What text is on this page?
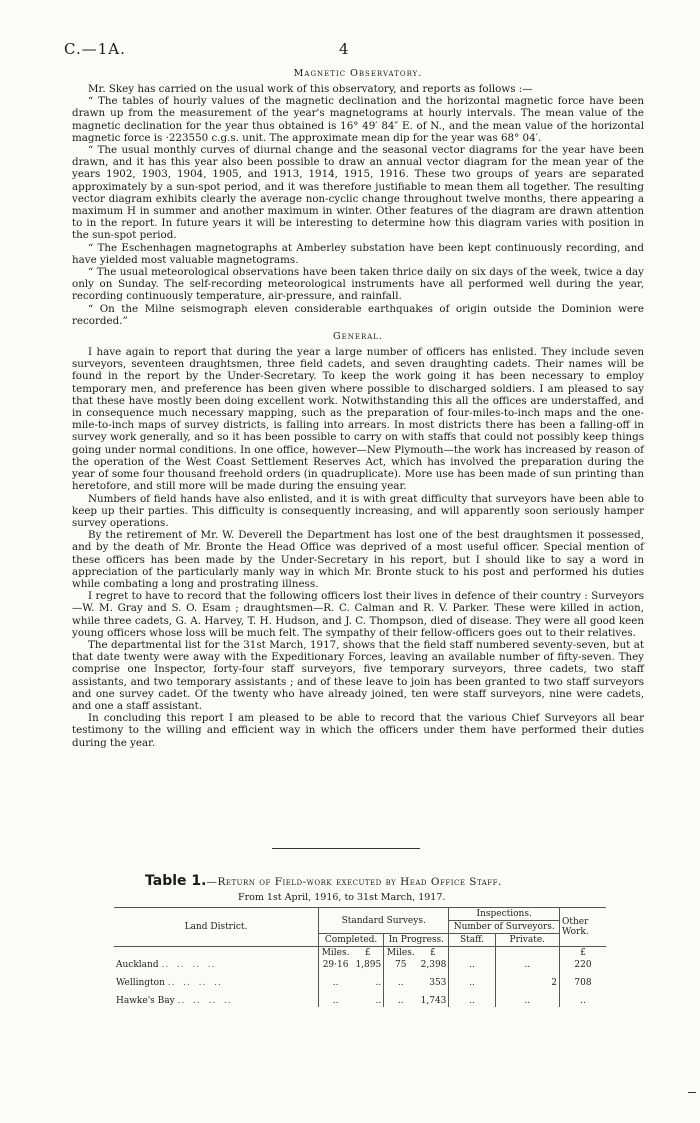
C.—1A.	4

Magnetic Observatory.

Mr. Skey has carried on the usual work of this observatory, and reports as follows :—

“ The tables of hourly values of the magnetic declination and the horizontal magnetic force have been drawn up from the measurement of the year's magnetograms at hourly intervals. The mean value of the magnetic declination for the year thus obtained is 16° 49′ 84″ E. of N., and the mean value of the horizontal magnetic force is ·223550 c.g.s. unit. The approximate mean dip for the year was 68° 04′.

“ The usual monthly curves of diurnal change and the seasonal vector diagrams for the year have been drawn, and it has this year also been possible to draw an annual vector diagram for the mean year of the years 1902, 1903, 1904, 1905, and 1913, 1914, 1915, 1916. These two groups of years are separated approximately by a sun-spot period, and it was therefore justifiable to mean them all together. The resulting vector diagram exhibits clearly the average non-cyclic change throughout twelve months, there appearing a maximum H in summer and another maximum in winter. Other features of the diagram are drawn attention to in the report. In future years it will be interesting to determine how this diagram varies with position in the sun-spot period.

“ The Eschenhagen magnetographs at Amberley substation have been kept continuously recording, and have yielded most valuable magnetograms.

“ The usual meteorological observations have been taken thrice daily on six days of the week, twice a day only on Sunday. The self-recording meteorological instruments have all performed well during the year, recording continuously temperature, air-pressure, and rainfall.

“ On the Milne seismograph eleven considerable earthquakes of origin outside the Dominion were recorded.”

General.

I have again to report that during the year a large number of officers has enlisted. They include seven surveyors, seventeen draughtsmen, three field cadets, and seven draughting cadets. Their names will be found in the report by the Under-Secretary. To keep the work going it has been necessary to employ temporary men, and preference has been given where possible to discharged soldiers. I am pleased to say that these have mostly been doing excellent work. Notwithstanding this all the offices are understaffed, and in consequence much necessary mapping, such as the preparation of four-miles-to-inch maps and the one-mile-to-inch maps of survey districts, is falling into arrears. In most districts there has been a falling-off in survey work generally, and so it has been possible to carry on with staffs that could not possibly keep things going under normal conditions. In one office, however—New Plymouth—the work has increased by reason of the operation of the West Coast Settlement Reserves Act, which has involved the preparation during the year of some four thousand freehold orders (in quadruplicate). More use has been made of sun printing than heretofore, and still more will be made during the ensuing year.

Numbers of field hands have also enlisted, and it is with great difficulty that surveyors have been able to keep up their parties. This difficulty is consequently increasing, and will apparently soon seriously hamper survey operations.

By the retirement of Mr. W. Deverell the Department has lost one of the best draughtsmen it possessed, and by the death of Mr. Bronte the Head Office was deprived of a most useful officer. Special mention of these officers has been made by the Under-Secretary in his report, but I should like to say a word in appreciation of the particularly manly way in which Mr. Bronte stuck to his post and performed his duties while combating a long and prostrating illness.

I regret to have to record that the following officers lost their lives in defence of their country : Surveyors—W. M. Gray and S. O. Esam ; draughtsmen—R. C. Calman and R. V. Parker. These were killed in action, while three cadets, G. A. Harvey, T. H. Hudson, and J. C. Thompson, died of disease. They were all good keen young officers whose loss will be much felt. The sympathy of their fellow-officers goes out to their relatives.

The departmental list for the 31st March, 1917, shows that the field staff numbered seventy-seven, but at that date twenty were away with the Expeditionary Forces, leaving an available number of fifty-seven. They comprise one Inspector, forty-four staff surveyors, five temporary surveyors, three cadets, two staff assistants, and two temporary assistants ; and of these leave to join has been granted to two staff surveyors and one survey cadet. Of the twenty who have already joined, ten were staff surveyors, nine were cadets, and one a staff assistant.

In concluding this report I am pleased to be able to record that the various Chief Surveyors all bear testimony to the willing and efficient way in which the officers under them have performed their duties during the year.

Table 1.—Return of Field-work executed by Head Office Staff.
From 1st April, 1916, to 31st March, 1917.
Land District.	Standard Surveys.				Inspections.		Other Work.
					Number of Surveyors.		
	Completed.		In Progress.		Staff.	Private.	
	Miles.	£	Miles.	£			£
Auckland ..  ..  ..  ..	29·16	1,895	75	2,398	..	..	220
Wellington ..  ..  ..  ..	..	..	..	353	..	2	708
Hawke's Bay ..  ..  ..  ..	..	..	..	1,743	..	..	..
